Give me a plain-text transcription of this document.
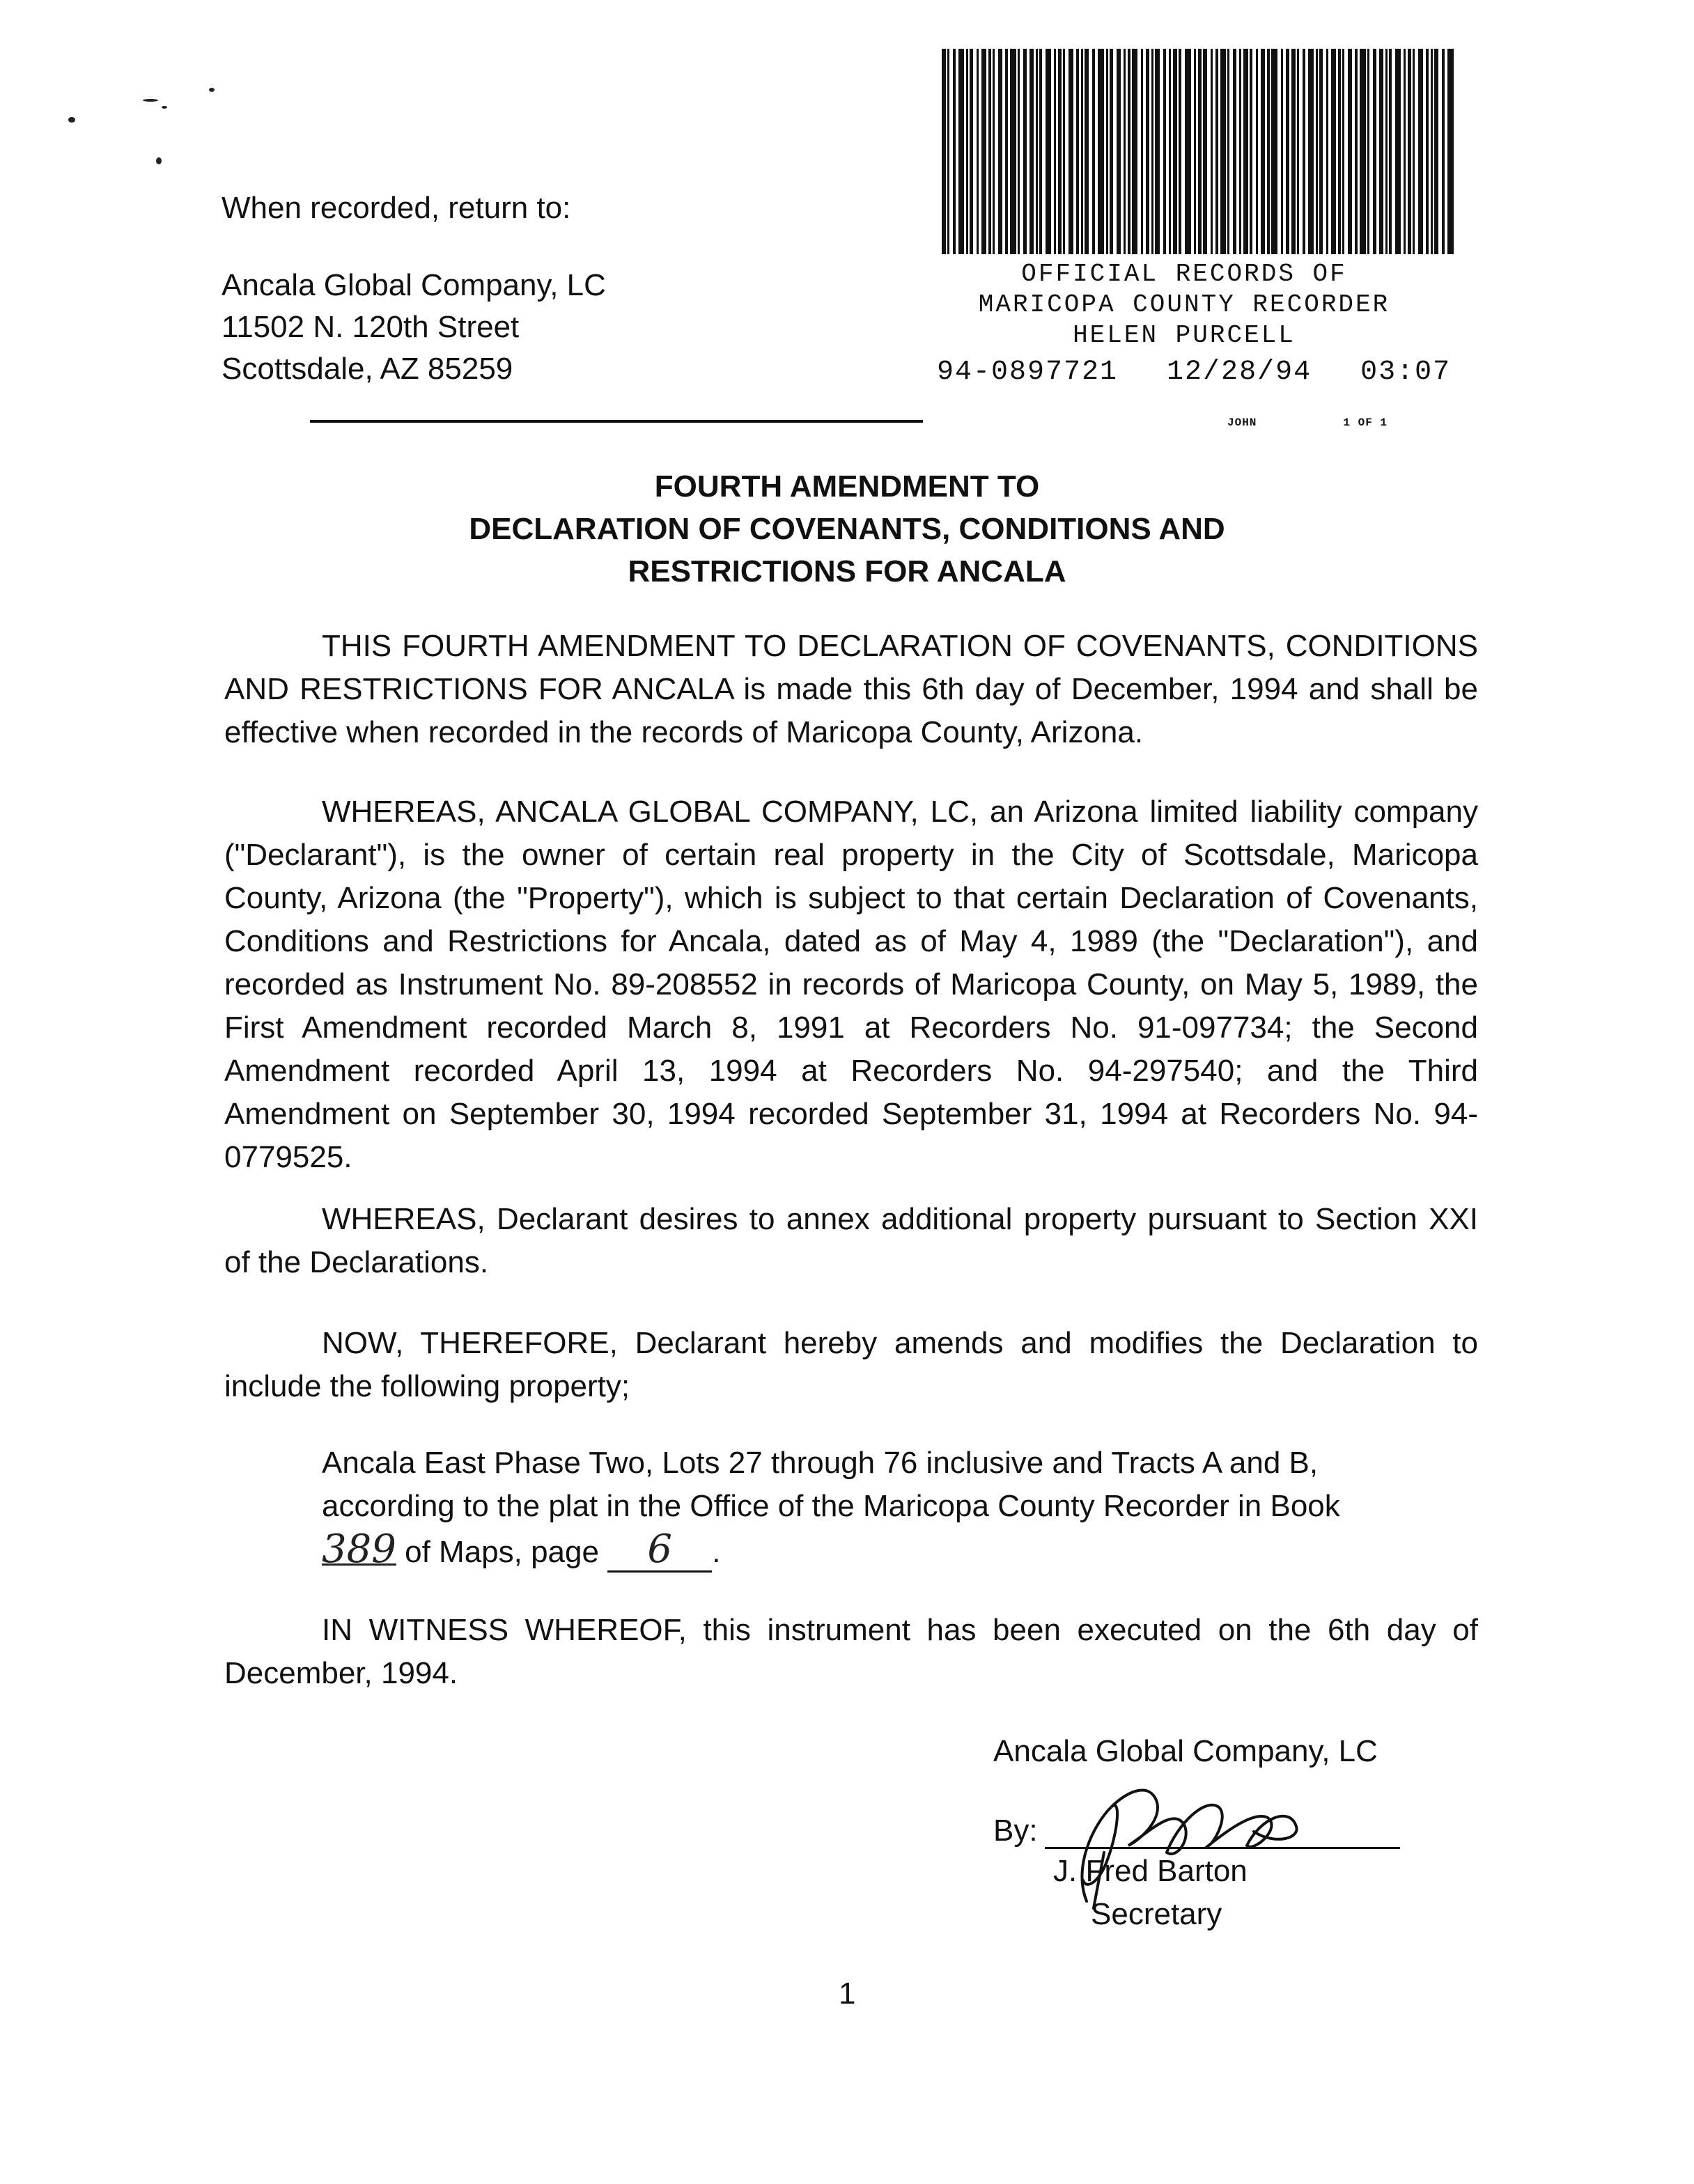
When recorded, return to:
Ancala Global Company, LC
11502 N. 120th Street
Scottsdale, AZ 85259
OFFICIAL RECORDS OF
MARICOPA COUNTY RECORDER
HELEN PURCELL
94-0897721 12/28/94 03:07
JOHN	1 OF 1
FOURTH AMENDMENT TO
DECLARATION OF COVENANTS, CONDITIONS AND
RESTRICTIONS FOR ANCALA
THIS FOURTH AMENDMENT TO DECLARATION OF COVENANTS, CONDITIONS AND RESTRICTIONS FOR ANCALA is made this 6th day of December, 1994 and shall be effective when recorded in the records of Maricopa County, Arizona.
WHEREAS, ANCALA GLOBAL COMPANY, LC, an Arizona limited liability company ("Declarant"), is the owner of certain real property in the City of Scottsdale, Maricopa County, Arizona (the "Property"), which is subject to that certain Declaration of Covenants, Conditions and Restrictions for Ancala, dated as of May 4, 1989 (the "Declaration"), and recorded as Instrument No. 89-208552 in records of Maricopa County, on May 5, 1989, the First Amendment recorded March 8, 1991 at Recorders No. 91-097734; the Second Amendment recorded April 13, 1994 at Recorders No. 94-297540; and the Third Amendment on September 30, 1994 recorded September 31, 1994 at Recorders No. 94-0779525.
WHEREAS, Declarant desires to annex additional property pursuant to Section XXI of the Declarations.
NOW, THEREFORE, Declarant hereby amends and modifies the Declaration to include the following property;
Ancala East Phase Two, Lots 27 through 76 inclusive and Tracts A and B,
according to the plat in the Office of the Maricopa County Recorder in Book
389 of Maps, page 6 .
IN WITNESS WHEREOF, this instrument has been executed on the 6th day of December, 1994.
Ancala Global Company, LC
By:
J. Fred Barton
Secretary
1
